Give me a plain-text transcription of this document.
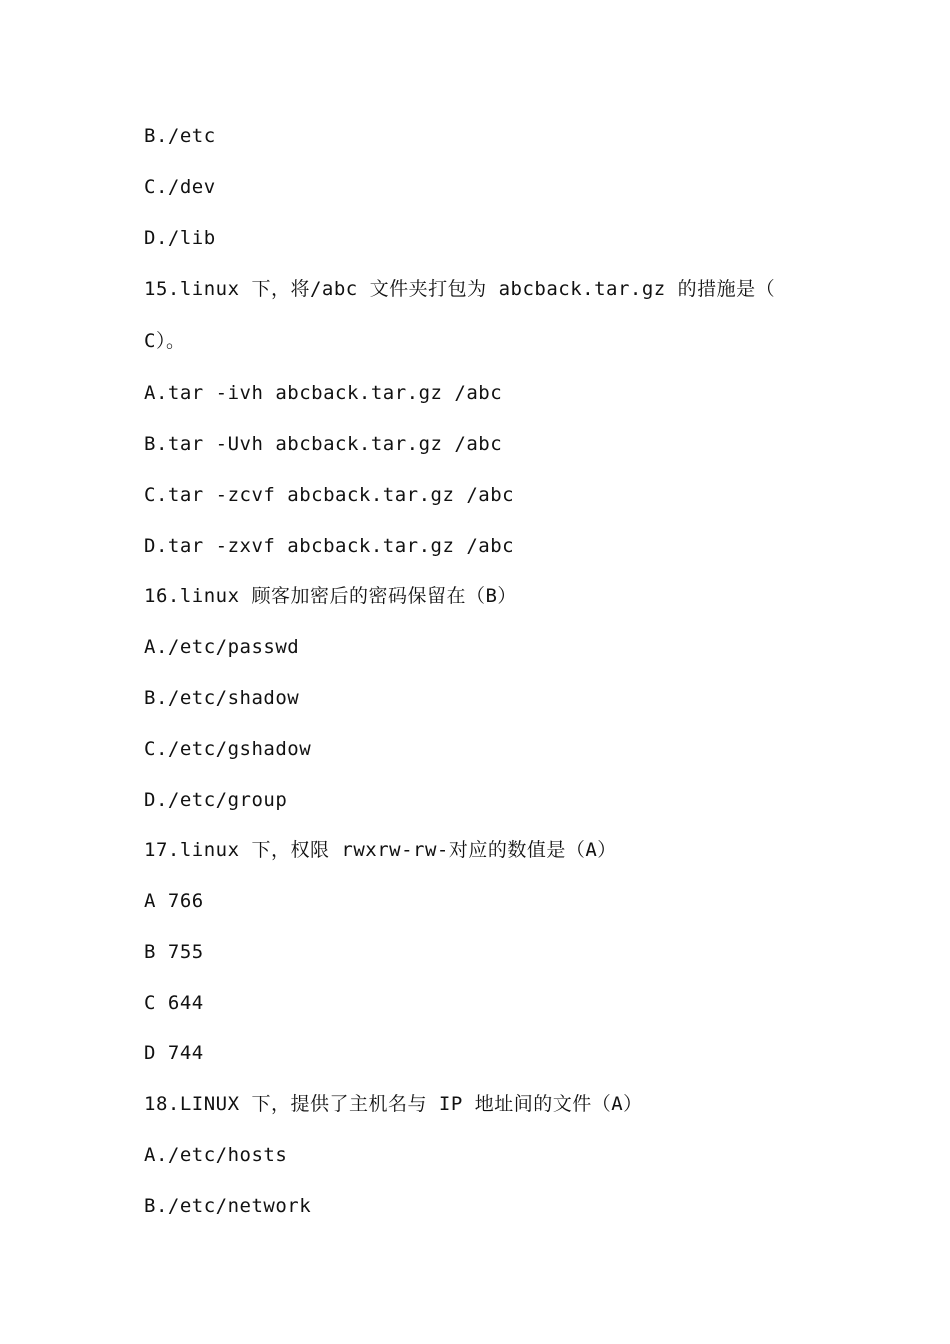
B./etc
C./dev
D./lib
15.linux 下，将/abc 文件夹打包为 abcback.tar.gz 的措施是（
C）。
A.tar -ivh abcback.tar.gz /abc
B.tar -Uvh abcback.tar.gz /abc
C.tar -zcvf abcback.tar.gz /abc
D.tar -zxvf abcback.tar.gz /abc
16.linux 顾客加密后的密码保留在（B）
A./etc/passwd
B./etc/shadow
C./etc/gshadow
D./etc/group
17.linux 下，权限 rwxrw-rw-对应的数值是（A）
A 766
B 755
C 644
D 744
18.LINUX 下，提供了主机名与 IP 地址间的文件（A）
A./etc/hosts
B./etc/network
